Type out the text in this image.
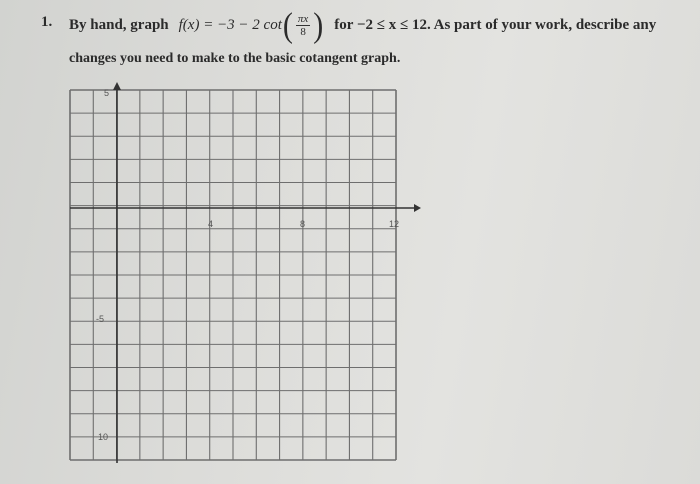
1. By hand, graph f(x) = −3 − 2 cot ( $\frac{\pi x}{8}$ ) for −2 ≤ x ≤ 12. As part of your work, describe any
changes you need to make to the basic cotangent graph.
4	8	12
5
-5
10
